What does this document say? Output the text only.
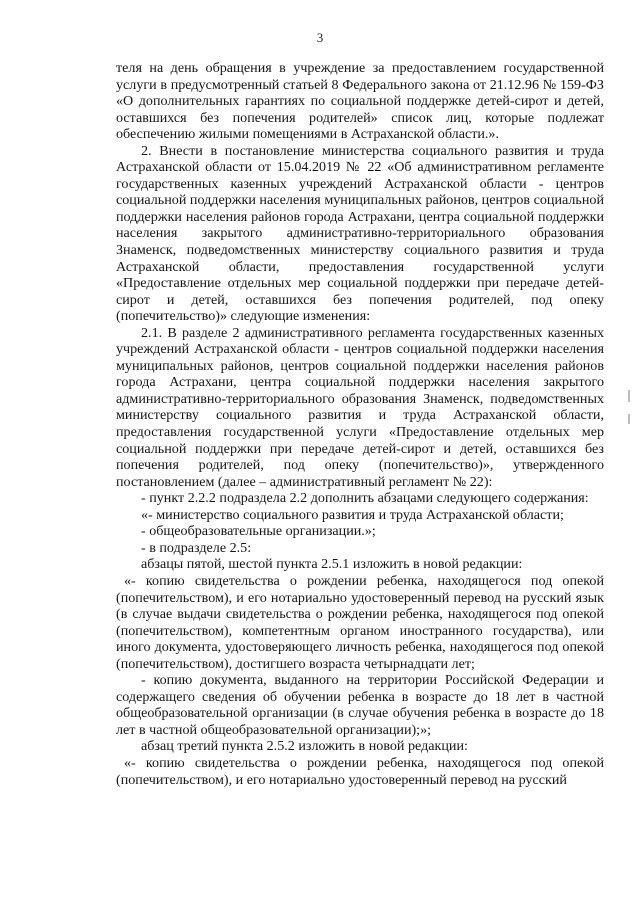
3

теля на день обращения в учреждение за предоставлением государственной услуги в предусмотренный статьей 8 Федерального закона от 21.12.96 № 159-ФЗ «О дополнительных гарантиях по социальной поддержке детей-сирот и детей, оставшихся без попечения родителей» список лиц, которые подлежат обеспечению жилыми помещениями в Астраханской области.».

2. Внести в постановление министерства социального развития и труда Астраханской области от 15.04.2019 № 22 «Об административном регламенте государственных казенных учреждений Астраханской области - центров социальной поддержки населения муниципальных районов, центров социальной поддержки населения районов города Астрахани, центра социальной поддержки населения закрытого административно-территориального образования Знаменск, подведомственных министерству социального развития и труда Астраханской области, предоставления государственной услуги «Предоставление отдельных мер социальной поддержки при передаче детей-сирот и детей, оставшихся без попечения родителей, под опеку (попечительство)» следующие изменения:

2.1. В разделе 2 административного регламента государственных казенных учреждений Астраханской области - центров социальной поддержки населения муниципальных районов, центров социальной поддержки населения районов города Астрахани, центра социальной поддержки населения закрытого административно-территориального образования Знаменск, подведомственных министерству социального развития и труда Астраханской области, предоставления государственной услуги «Предоставление отдельных мер социальной поддержки при передаче детей-сирот и детей, оставшихся без попечения родителей, под опеку (попечительство)», утвержденного постановлением (далее – административный регламент № 22):

- пункт 2.2.2 подраздела 2.2 дополнить абзацами следующего содержания:

«- министерство социального развития и труда Астраханской области;

- общеобразовательные организации.»;

- в подразделе 2.5:

абзацы пятой, шестой пункта 2.5.1 изложить в новой редакции:

«- копию свидетельства о рождении ребенка, находящегося под опекой (попечительством), и его нотариально удостоверенный перевод на русский язык (в случае выдачи свидетельства о рождении ребенка, находящегося под опекой (попечительством), компетентным органом иностранного государства), или иного документа, удостоверяющего личность ребенка, находящегося под опекой (попечительством), достигшего возраста четырнадцати лет;

- копию документа, выданного на территории Российской Федерации и содержащего сведения об обучении ребенка в возрасте до 18 лет в частной общеобразовательной организации (в случае обучения ребенка в возрасте до 18 лет в частной общеобразовательной организации);»;

абзац третий пункта 2.5.2 изложить в новой редакции:

«- копию свидетельства о рождении ребенка, находящегося под опекой (попечительством), и его нотариально удостоверенный перевод на русский
